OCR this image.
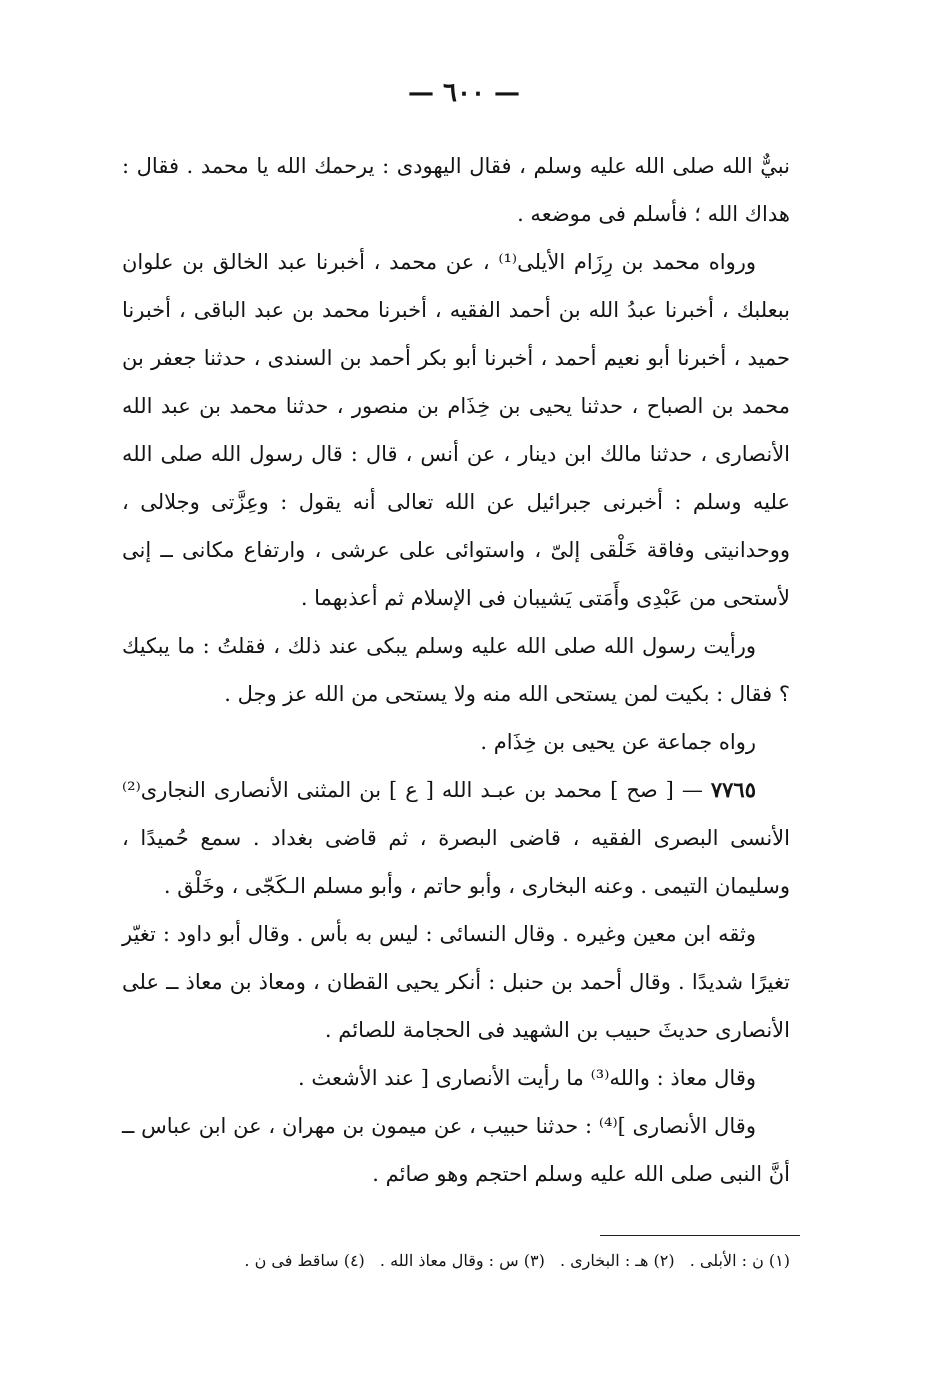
— ٦٠٠ —

نبيٌّ الله صلى الله عليه وسلم ، فقال اليهودى : يرحمك الله يا محمد . فقال : هداك الله ؛ فأسلم فى موضعه .

ورواه محمد بن رِزَام الأيلى⁽¹⁾ ، عن محمد ، أخبرنا عبد الخالق بن علوان ببعلبك ، أخبرنا عبدُ الله بن أحمد الفقيه ، أخبرنا محمد بن عبد الباقى ، أخبرنا حميد ، أخبرنا أبو نعيم أحمد ، أخبرنا أبو بكر أحمد بن السندى ، حدثنا جعفر بن محمد بن الصباح ، حدثنا يحيى بن خِذَام بن منصور ، حدثنا محمد بن عبد الله الأنصارى ، حدثنا مالك ابن دينار ، عن أنس ، قال : قال رسول الله صلى الله عليه وسلم : أخبرنى جبرائيل عن الله تعالى أنه يقول : وعِزَّتى وجلالى ، ووحدانيتى وفاقة خَلْقى إلىّ ، واستوائى على عرشى ، وارتفاع مكانى ــ إنى لأستحى من عَبْدِى وأَمَتى يَشيبان فى الإسلام ثم أعذبهما .

ورأيت رسول الله صلى الله عليه وسلم يبكى عند ذلك ، فقلتُ : ما يبكيك ؟ فقال : بكيت لمن يستحى الله منه ولا يستحى من الله عز وجل .

رواه جماعة عن يحيى بن خِذَام .

٧٧٦٥ — [ صح ] محمد بن عبـد الله [ ع ] بن المثنى الأنصارى النجارى⁽²⁾ الأنسى البصرى الفقيه ، قاضى البصرة ، ثم قاضى بغداد . سمع حُميدًا ، وسليمان التيمى . وعنه البخارى ، وأبو حاتم ، وأبو مسلم الـكَجّى ، وخَلْق .

وثقه ابن معين وغيره . وقال النسائى : ليس به بأس . وقال أبو داود : تغيّر تغيرًا شديدًا . وقال أحمد بن حنبل : أنكر يحيى القطان ، ومعاذ بن معاذ ــ على الأنصارى حديثَ حبيب بن الشهيد فى الحجامة للصائم .

وقال معاذ : والله⁽³⁾ ما رأيت الأنصارى [ عند الأشعث .

وقال الأنصارى ]⁽⁴⁾ : حدثنا حبيب ، عن ميمون بن مهران ، عن ابن عباس ــ أنَّ النبى صلى الله عليه وسلم احتجم وهو صائم .

(١) ن : الأبلى . (٢) هـ : البخارى . (٣) س : وقال معاذ الله . (٤) ساقط فى ن .
